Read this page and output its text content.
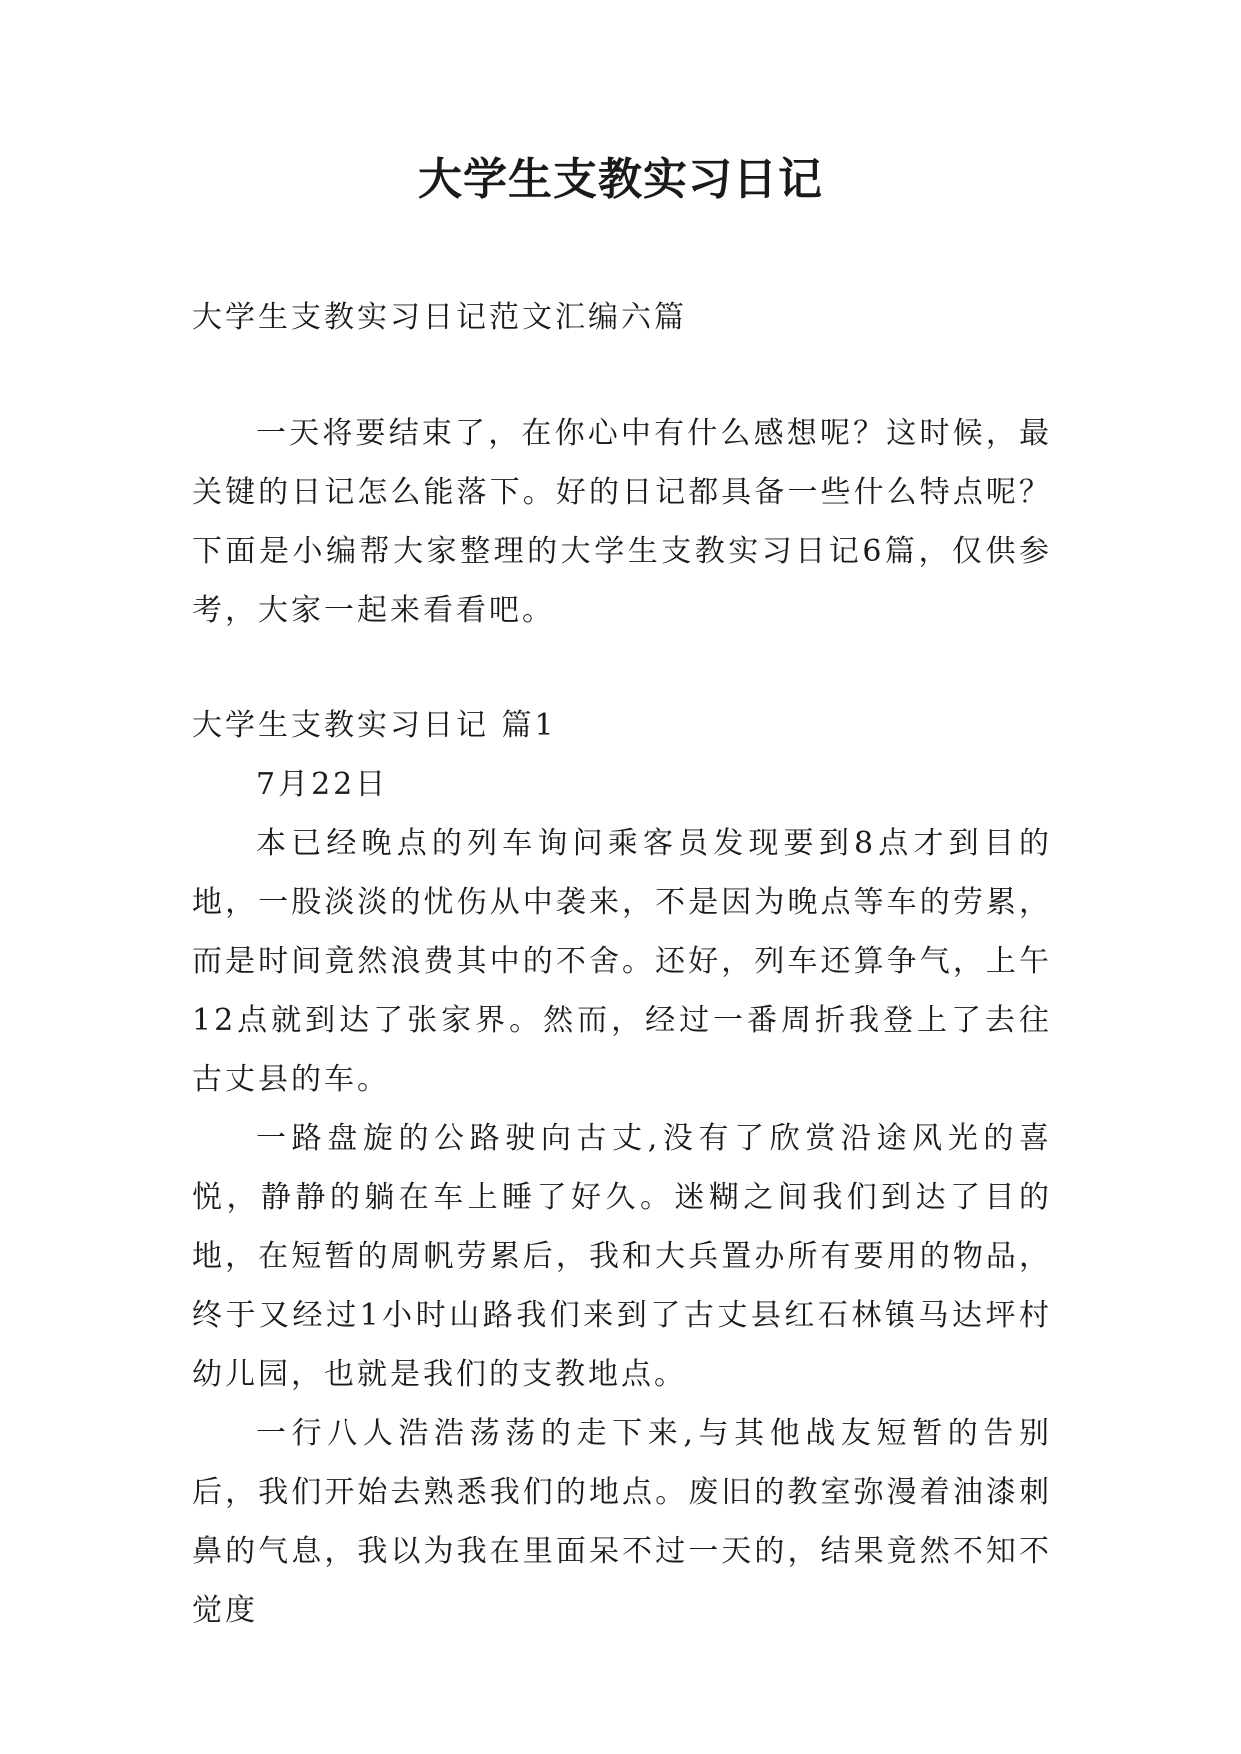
大学生支教实习日记

大学生支教实习日记范文汇编六篇

一天将要结束了，在你心中有什么感想呢？这时候，最关键的日记怎么能落下。好的日记都具备一些什么特点呢？下面是小编帮大家整理的大学生支教实习日记6篇，仅供参考，大家一起来看看吧。

大学生支教实习日记 篇1

7月22日

本已经晚点的列车询问乘客员发现要到8点才到目的地，一股淡淡的忧伤从中袭来，不是因为晚点等车的劳累，而是时间竟然浪费其中的不舍。还好，列车还算争气，上午12点就到达了张家界。然而，经过一番周折我登上了去往古丈县的车。

一路盘旋的公路驶向古丈,没有了欣赏沿途风光的喜悦，静静的躺在车上睡了好久。迷糊之间我们到达了目的地，在短暂的周帆劳累后，我和大兵置办所有要用的物品，终于又经过1小时山路我们来到了古丈县红石林镇马达坪村幼儿园，也就是我们的支教地点。

一行八人浩浩荡荡的走下来,与其他战友短暂的告别后，我们开始去熟悉我们的地点。废旧的教室弥漫着油漆刺鼻的气息，我以为我在里面呆不过一天的，结果竟然不知不觉度
